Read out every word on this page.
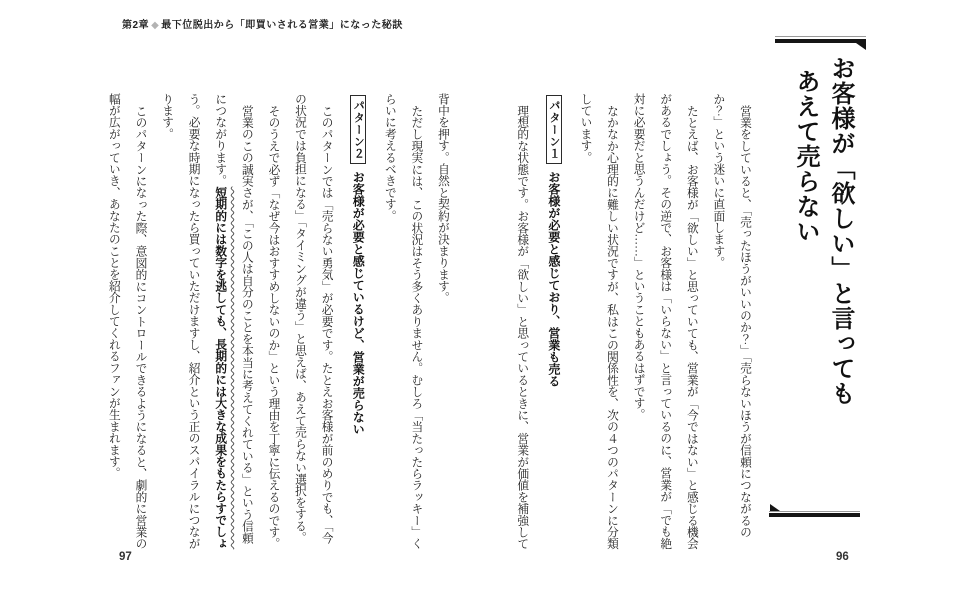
第2章 ◆ 最下位脱出から「即買いされる営業」になった秘訣
お客様が「欲しい」と言っても
あえて売らない

営業をしていると、「売ったほうがいいのか？」「売らないほうが信頼につながるのか？」という迷いに直面します。

たとえば、お客様が「欲しい」と思っていても、営業が「今ではない」と感じる機会があるでしょう。その逆で、お客様は「いらない」と言っているのに、営業が「でも絶対に必要だと思うんだけど……」ということもあるはずです。

なかなか心理的に難しい状況ですが、私はこの関係性を、次の４つのパターンに分類しています。

パターン１お客様が必要と感じており、営業も売る

理想的な状態です。お客様が「欲しい」と思っているときに、営業が価値を補強して

背中を押す。自然と契約が決まります。

ただし現実には、この状況はそう多くありません。むしろ「当たったらラッキー」くらいに考えるべきです。

パターン２お客様が必要と感じているけど、営業が売らない

このパターンでは「売らない勇気」が必要です。たとえお客様が前のめりでも、「今の状況では負担になる」「タイミングが違う」と思えば、あえて売らない選択をする。

そのうえで必ず「なぜ今はおすすめしないのか」という理由を丁寧に伝えるのです。

営業のこの誠実さが、「この人は自分のことを本当に考えてくれている」という信頼につながります。短期的には数字を逃しても、長期的には大きな成果をもたらすでしょう。必要な時期になったら買っていただけますし、紹介という正のスパイラルにつながります。

このパターンになった際、意図的にコントロールできるようになると、劇的に営業の幅が広がっていき、あなたのことを紹介してくれるファンが生まれます。

97	96
